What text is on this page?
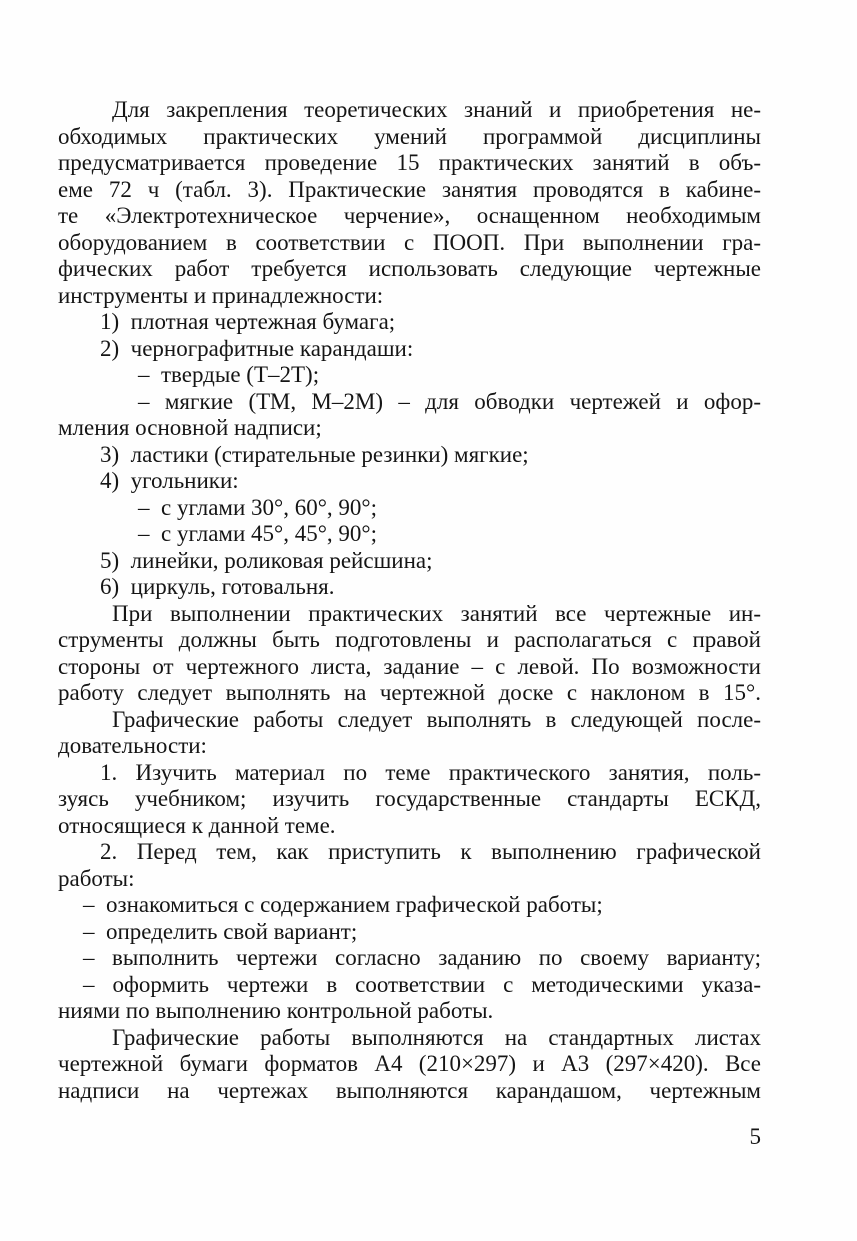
Для закрепления теоретических знаний и приобретения не-
обходимых практических умений программой дисциплины
предусматривается проведение 15 практических занятий в объ-
еме 72 ч (табл. 3). Практические занятия проводятся в кабине-
те «Электротехническое черчение», оснащенном необходимым
оборудованием в соответствии с ПООП. При выполнении гра-
фических работ требуется использовать следующие чертежные
инструменты и принадлежности:
1) плотная чертежная бумага;
2) чернографитные карандаши:
– твердые (Т–2Т);
– мягкие (ТМ, М–2М) – для обводки чертежей и офор-
мления основной надписи;
3) ластики (стирательные резинки) мягкие;
4) угольники:
– с углами 30°, 60°, 90°;
– с углами 45°, 45°, 90°;
5) линейки, роликовая рейсшина;
6) циркуль, готовальня.
При выполнении практических занятий все чертежные ин-
струменты должны быть подготовлены и располагаться с правой
стороны от чертежного листа, задание – с левой. По возможности
работу следует выполнять на чертежной доске с наклоном в 15°.
Графические работы следует выполнять в следующей после-
довательности:
1. Изучить материал по теме практического занятия, поль-
зуясь учебником; изучить государственные стандарты ЕСКД,
относящиеся к данной теме.
2. Перед тем, как приступить к выполнению графической
работы:
– ознакомиться с содержанием графической работы;
– определить свой вариант;
– выполнить чертежи согласно заданию по своему варианту;
– оформить чертежи в соответствии с методическими указа-
ниями по выполнению контрольной работы.
Графические работы выполняются на стандартных листах
чертежной бумаги форматов А4 (210×297) и А3 (297×420). Все
надписи на чертежах выполняются карандашом, чертежным
5
